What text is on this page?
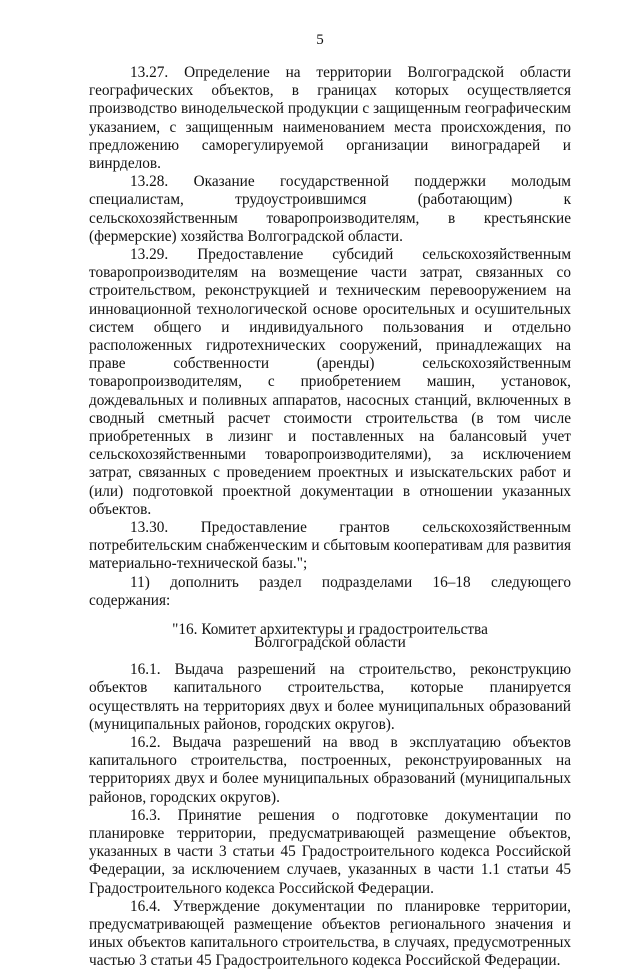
5

13.27. Определение на территории Волгоградской области географических объектов, в границах которых осуществляется производство винодельческой продукции с защищенным географическим указанием, с защищенным наименованием места происхождения, по предложению саморегулируемой организации виноградарей и винрделов.

13.28. Оказание государственной поддержки молодым специалистам, трудоустроившимся (работающим) к сельскохозяйственным товаропроизводителям, в крестьянские (фермерские) хозяйства Волгоградской области.

13.29. Предоставление субсидий сельскохозяйственным товаропроизводителям на возмещение части затрат, связанных со строительством, реконструкцией и техническим перевооружением на инновационной технологической основе оросительных и осушительных систем общего и индивидуального пользования и отдельно расположенных гидротехнических сооружений, принадлежащих на праве собственности (аренды) сельскохозяйственным товаропроизводителям, с приобретением машин, установок, дождевальных и поливных аппаратов, насосных станций, включенных в сводный сметный расчет стоимости строительства (в том числе приобретенных в лизинг и поставленных на балансовый учет сельскохозяйственными товаропроизводителями), за исключением затрат, связанных с проведением проектных и изыскательских работ и (или) подготовкой проектной документации в отношении указанных объектов.

13.30. Предоставление грантов сельскохозяйственным потребительским снабженческим и сбытовым кооперативам для развития материально-технической базы.";

11) дополнить раздел подразделами 16–18 следующего содержания:

"16. Комитет архитектуры и градостроительства
Волгоградской области

16.1. Выдача разрешений на строительство, реконструкцию объектов капитального строительства, которые планируется осуществлять на территориях двух и более муниципальных образований (муниципальных районов, городских округов).

16.2. Выдача разрешений на ввод в эксплуатацию объектов капитального строительства, построенных, реконструированных на территориях двух и более муниципальных образований (муниципальных районов, городских округов).

16.3. Принятие решения о подготовке документации по планировке территории, предусматривающей размещение объектов, указанных в части 3 статьи 45 Градостроительного кодекса Российской Федерации, за исключением случаев, указанных в части 1.1 статьи 45 Градостроительного кодекса Российской Федерации.

16.4. Утверждение документации по планировке территории, предусматривающей размещение объектов регионального значения и иных объектов капитального строительства, в случаях, предусмотренных частью 3 статьи 45 Градостроительного кодекса Российской Федерации.
